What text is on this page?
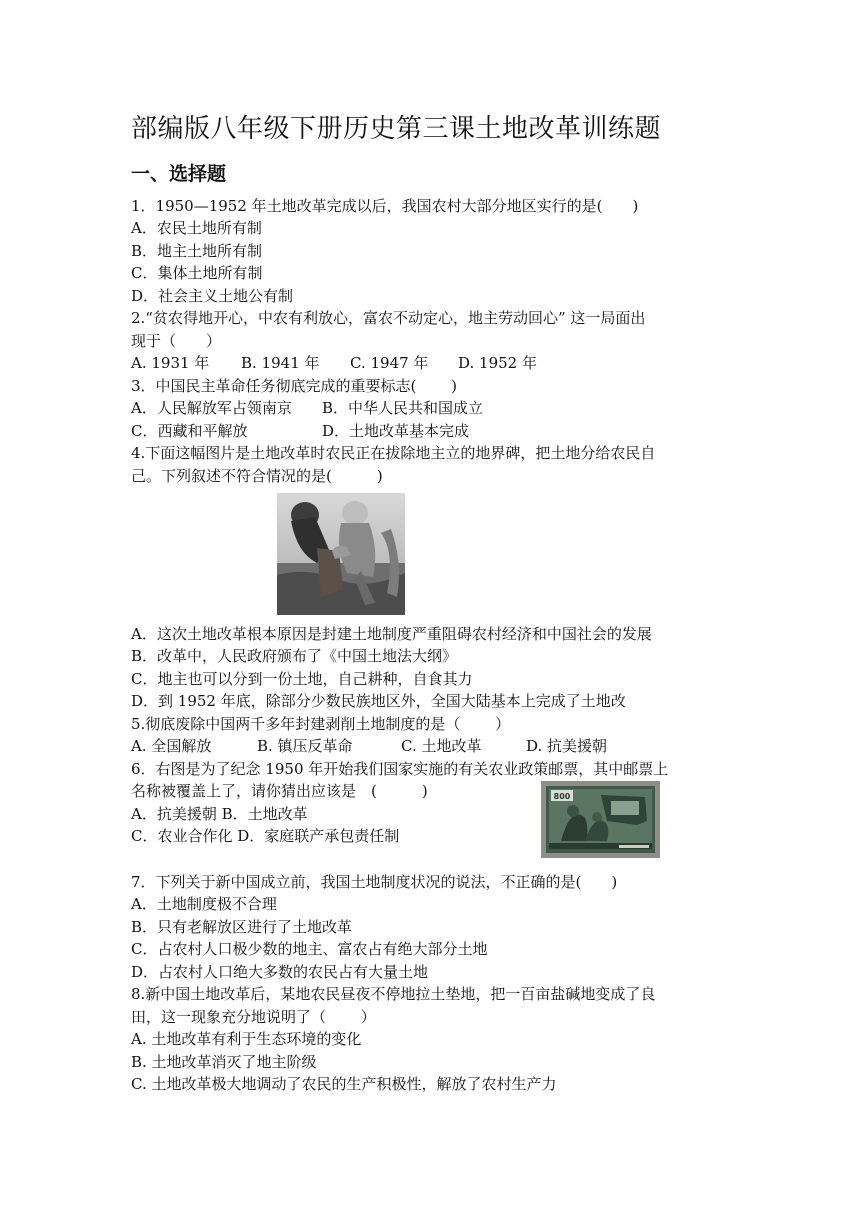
部编版八年级下册历史第三课土地改革训练题
一、选择题
1．1950—1952 年土地改革完成以后，我国农村大部分地区实行的是(　　)
A．农民土地所有制
B．地主土地所有制
C．集体土地所有制
D．社会主义土地公有制
2.“贫农得地开心，中农有利放心，富农不动定心，地主劳动回心” 这一局面出
现于（　　）
A. 1931 年 B. 1941 年 C. 1947 年 D. 1952 年
3．中国民主革命任务彻底完成的重要标志(　　 )
A．人民解放军占领南京 B．中华人民共和国成立
C．西藏和平解放	D．土地改革基本完成
4.下面这幅图片是土地改革时农民正在拔除地主立的地界碑，把土地分给农民自
己。下列叙述不符合情况的是(　　　)
A．这次土地改革根本原因是封建土地制度严重阻碍农村经济和中国社会的发展
B．改革中，人民政府颁布了《中国土地法大纲》
C．地主也可以分到一份土地，自己耕种，自食其力
D．到 1952 年底，除部分少数民族地区外，全国大陆基本上完成了土地改
5.彻底废除中国两千多年封建剥削土地制度的是（　　 ）
A. 全国解放	B. 镇压反革命	C. 土地改革	D. 抗美援朝
6．右图是为了纪念 1950 年开始我们国家实施的有关农业政策邮票，其中邮票上
名称被覆盖上了，请你猜出应该是　(　　　)
A．抗美援朝 B．土地改革
C．农业合作化 D．家庭联产承包责任制
800
7．下列关于新中国成立前，我国土地制度状况的说法，不正确的是(　　)
A．土地制度极不合理
B．只有老解放区进行了土地改革
C．占农村人口极少数的地主、富农占有绝大部分土地
D．占农村人口绝大多数的农民占有大量土地
8.新中国土地改革后，某地农民昼夜不停地拉土垫地，把一百亩盐碱地变成了良
田，这一现象充分地说明了（　　 ）
A. 土地改革有利于生态环境的变化
B. 土地改革消灭了地主阶级
C. 土地改革极大地调动了农民的生产积极性，解放了农村生产力
